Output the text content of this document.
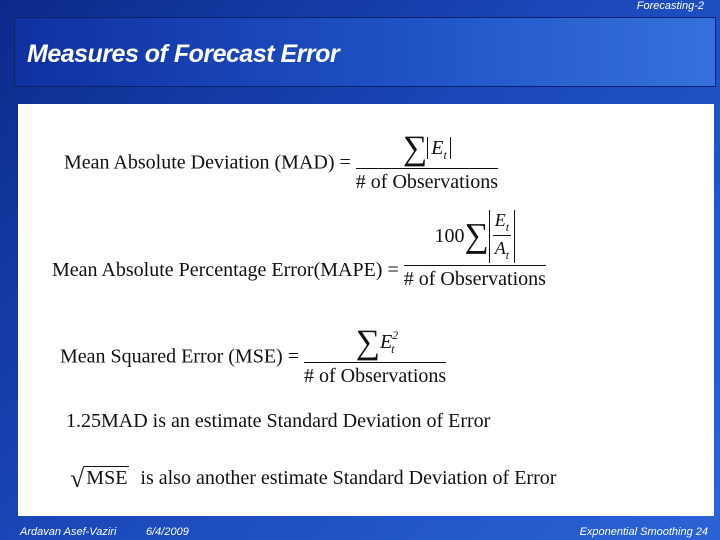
Forecasting-2
Measures of Forecast Error
Mean Absolute Deviation $(MAD) = \frac{\sum E_t}{\text{\# of Observations}}$
Mean Absolute Percentage Error(MAPE) = $\frac{100\sum \frac{E_t}{A_t}}{\text{\# of Observations}}$
Mean Squared Error $(MSE) = \frac{\sum E^2_t}{\text{\# of Observations}}$
1.25MAD is an estimate Standard Deviation of Error
√ MSE is also another estimate Standard Deviation of Error
Ardavan Asef-Vaziri	6/4/2009	Exponential Smoothing 24
